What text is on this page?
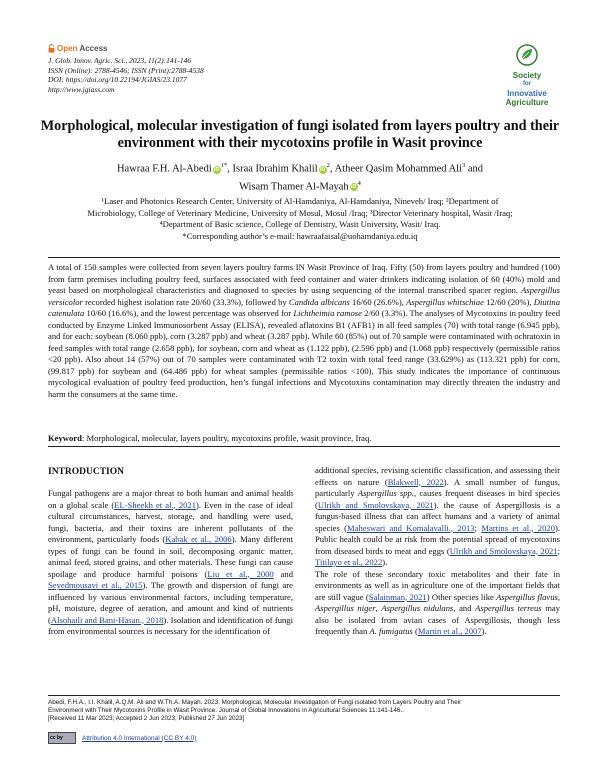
Open Access
J. Glob. Innov. Agric. Sci., 2023, 11(2):141-146
ISSN (Online): 2788-4546; ISSN (Print):2788-4538
DOI: https://doi.org/10.22194/JGIAS/23.1077
http://www.jgiass.com
Society
for
Innovative
Agriculture
Morphological, molecular investigation of fungi isolated from layers poultry and their environment with their mycotoxins profile in Wasit province
Hawraa F.H. Al-Abedi $iD^{1*}$, Israa Ibrahim Khalil $iD^2$, Atheer Qasim Mohammed Ali$^3$ and
Wisam Thamer Al-Mayah $iD^4$
¹Laser and Photonics Research Center, University of Al-Hamdaniya, Al-Hamdaniya, Nineveh/ Iraq; ²Department of
Microbiology, College of Veterinary Medicine, University of Mosul, Mosul /Iraq; ³Director Veterinary hospital, Wasit /Iraq;
⁴Department of Basic science, College of Dentistry, Wasit University, Wasit/ Iraq.
*Corresponding author’s e-mail: hawraafaisal@uohamdaniya.edu.iq
A total of 150 samples were collected from seven layers poultry farms IN Wasit Province of Iraq. Fifty (50) from layers poultry and hundred (100) from farm premises including poultry feed, surfaces associated with feed container and water drinkers indicating isolation of 60 (40%) mold and yeast based on morphological characteristics and diagnosed to species by using sequencing of the internal transcribed spacer region. Aspergillus versicolor recorded highest isolation rate 20/60 (33.3%), followed by Candida albicans 16/60 (26.6%), Aspergillus whitschiae 12/60 (20%), Diutina catenulata 10/60 (16.6%), and the lowest percentage was observed for Lichtheimia ramose 2/60 (3.3%). The analyses of Mycotoxins in poultry feed conducted by Enzyme Linked Immunosorbent Assay (ELISA), revealed aflatoxins B1 (AFB1) in all feed samples (70) with total range (6.945 ppb), and for each: soybean (8.060 ppb), corn (3.287 ppb) and wheat (3.287 ppb). While 60 (85%) out of 70 sample were contaminated with ochratoxin in feed samples with total range (2.658 ppb), for soybean, corn and wheat as (1.122 ppb), (2.596 ppb) and (1.068 ppb) respectively (permissible ratios <20 ppb). Also about 14 (57%) out of 70 samples were contaminated with T2 toxin with total feed range (33.629%) as (113.321 ppb) for corn, (99.817 ppb) for soybean and (64.486 ppb) for wheat samples (permissible ratios <100). This study indicates the importance of continuous mycological evaluation of poultry feed production, hen’s fungal infections and Mycotoxins contamination may directly threaten the industry and harm the consumers at the same time.
Keyword: Morphological, molecular, layers poultry, mycotoxins profile, wasit province, Iraq.
INTRODUCTION
Fungal pathogens are a major threat to both human and animal health on a global scale (EL-Sheekh et al., 2021). Even in the case of ideal cultural circumstances, harvest, storage, and handling were used, fungi, bacteria, and their toxins are inherent pollutants of the environment, particularly foods (Kabak et al., 2006). Many different types of fungi can be found in soil, decomposing organic matter, animal feed, stored grains, and other materials. These fungi can cause spoilage and produce harmful poisons (Liu et al., 2000 and Seyedmousavi et al., 2015). The growth and dispersion of fungi are influenced by various environmental factors, including temperature, pH, moisture, degree of aeration, and amount and kind of nutrients (Alsohaili and Bani-Hasan., 2018). Isolation and identification of fungi from environmental sources is necessary for the identification of

additional species, revising scientific classification, and assessing their effects on nature (Blakwell, 2022). A small number of fungus, particularly Aspergillus spp., causes frequent diseases in bird species (Ulrikh and Smolovskaya, 2021). the cause of Aspergillosis is a fungus-based illness that can affect humans and a variety of animal species (Maheswari and Komalavalli., 2013; Martins et al., 2020). Public health could be at risk from the potential spread of mycotoxins from diseased birds to meat and eggs (Ulrikh and Smolovskaya, 2021; Titilayo et al., 2022).

The role of these secondary toxic metabolites and their fate in environments as well as in agriculture one of the important fields that are still vague (Salainman, 2021) Other species like Aspergillus flavus, Aspergillus niger, Aspergillus nidulans, and Aspergillus terreus may also be isolated from avian cases of Aspergillosis, though less frequently than A. fumigatus (Martin et al., 2007).

Abedi, F.H.A., I.I. Khalil, A.Q.M. Ali and W.Th.A. Mayah. 2023. Morphological, Molecular Investigation of Fungi isolated from Layers Poultry and Their
Environment with Their Mycotoxins Profile in Wasit Province. Journal of Global Innovations in Agricultural Sciences 11:141-146..
[Received 11 Mar 2023; Accepted 2 Jun 2023; Published 27 Jun 2023]
cc by	Attribution 4.0 International (CC BY 4.0)
